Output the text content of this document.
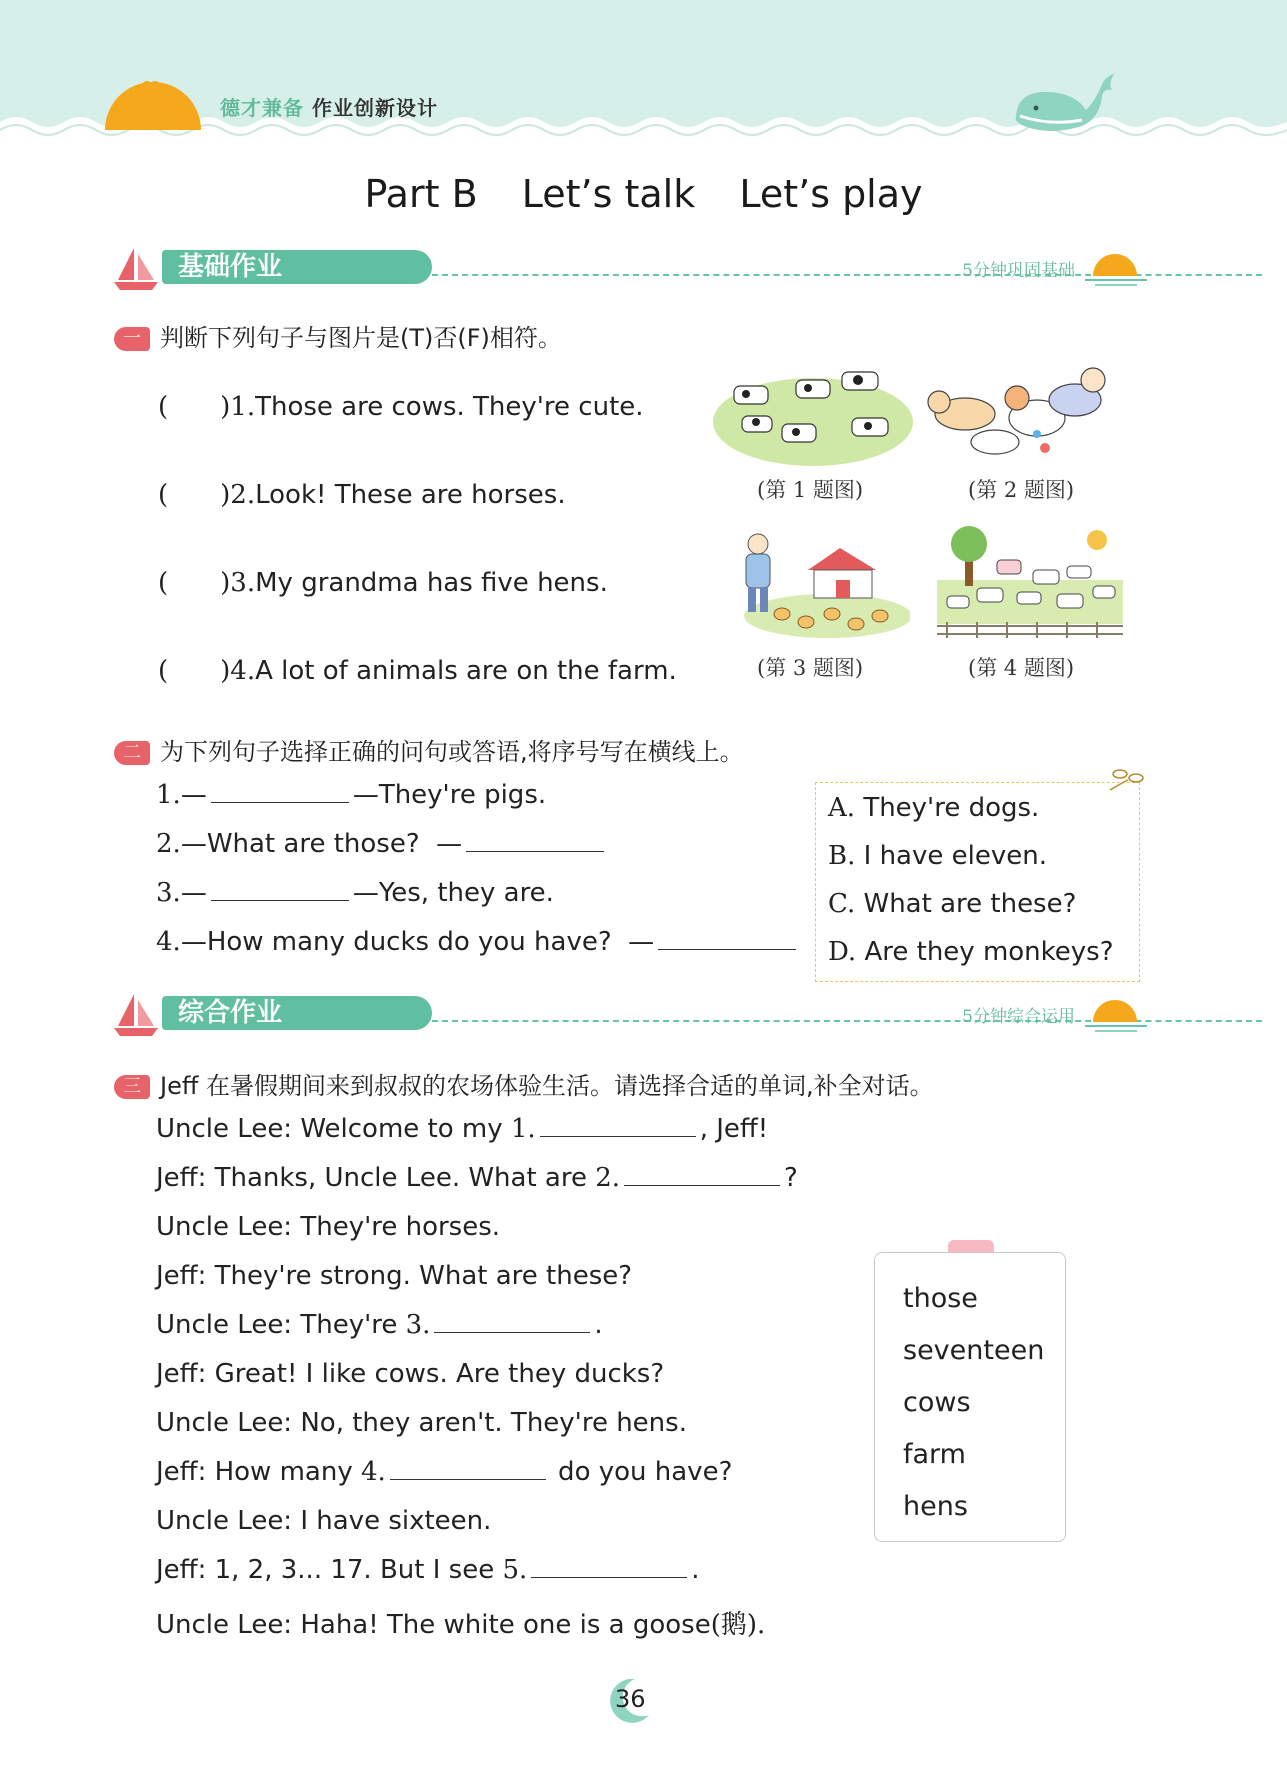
德才兼备 作业创新设计
Part B Let’s talk Let’s play
基础作业	5分钟巩固基础
一 判断下列句子与图片是(T)否(F)相符。
(　　)1.Those are cows. They're cute.
(　　)2.Look! These are horses.
(　　)3.My grandma has five hens.
(　　)4.A lot of animals are on the farm.
(第 1 题图)	(第 2 题图)
(第 3 题图)	(第 4 题图)
二 为下列句子选择正确的问句或答语,将序号写在横线上。
1.—	—They're pigs.
2.—What are those? —
3.—	—Yes, they are.
4.—How many ducks do you have? —
A. They're dogs.
B. I have eleven.
C. What are these?
D. Are they monkeys?
综合作业	5分钟综合运用
三 Jeff 在暑假期间来到叔叔的农场体验生活。请选择合适的单词,补全对话。
Uncle Lee: Welcome to my 1.	, Jeff!
Jeff: Thanks, Uncle Lee. What are 2.	?
Uncle Lee: They're horses.
Jeff: They're strong. What are these?
Uncle Lee: They're 3.	.
Jeff: Great! I like cows. Are they ducks?
Uncle Lee: No, they aren't. They're hens.
Jeff: How many 4.	do you have?
Uncle Lee: I have sixteen.
Jeff: 1, 2, 3... 17. But I see 5.	.
Uncle Lee: Haha! The white one is a goose(鹅).
those
seventeen
cows
farm
hens
36
